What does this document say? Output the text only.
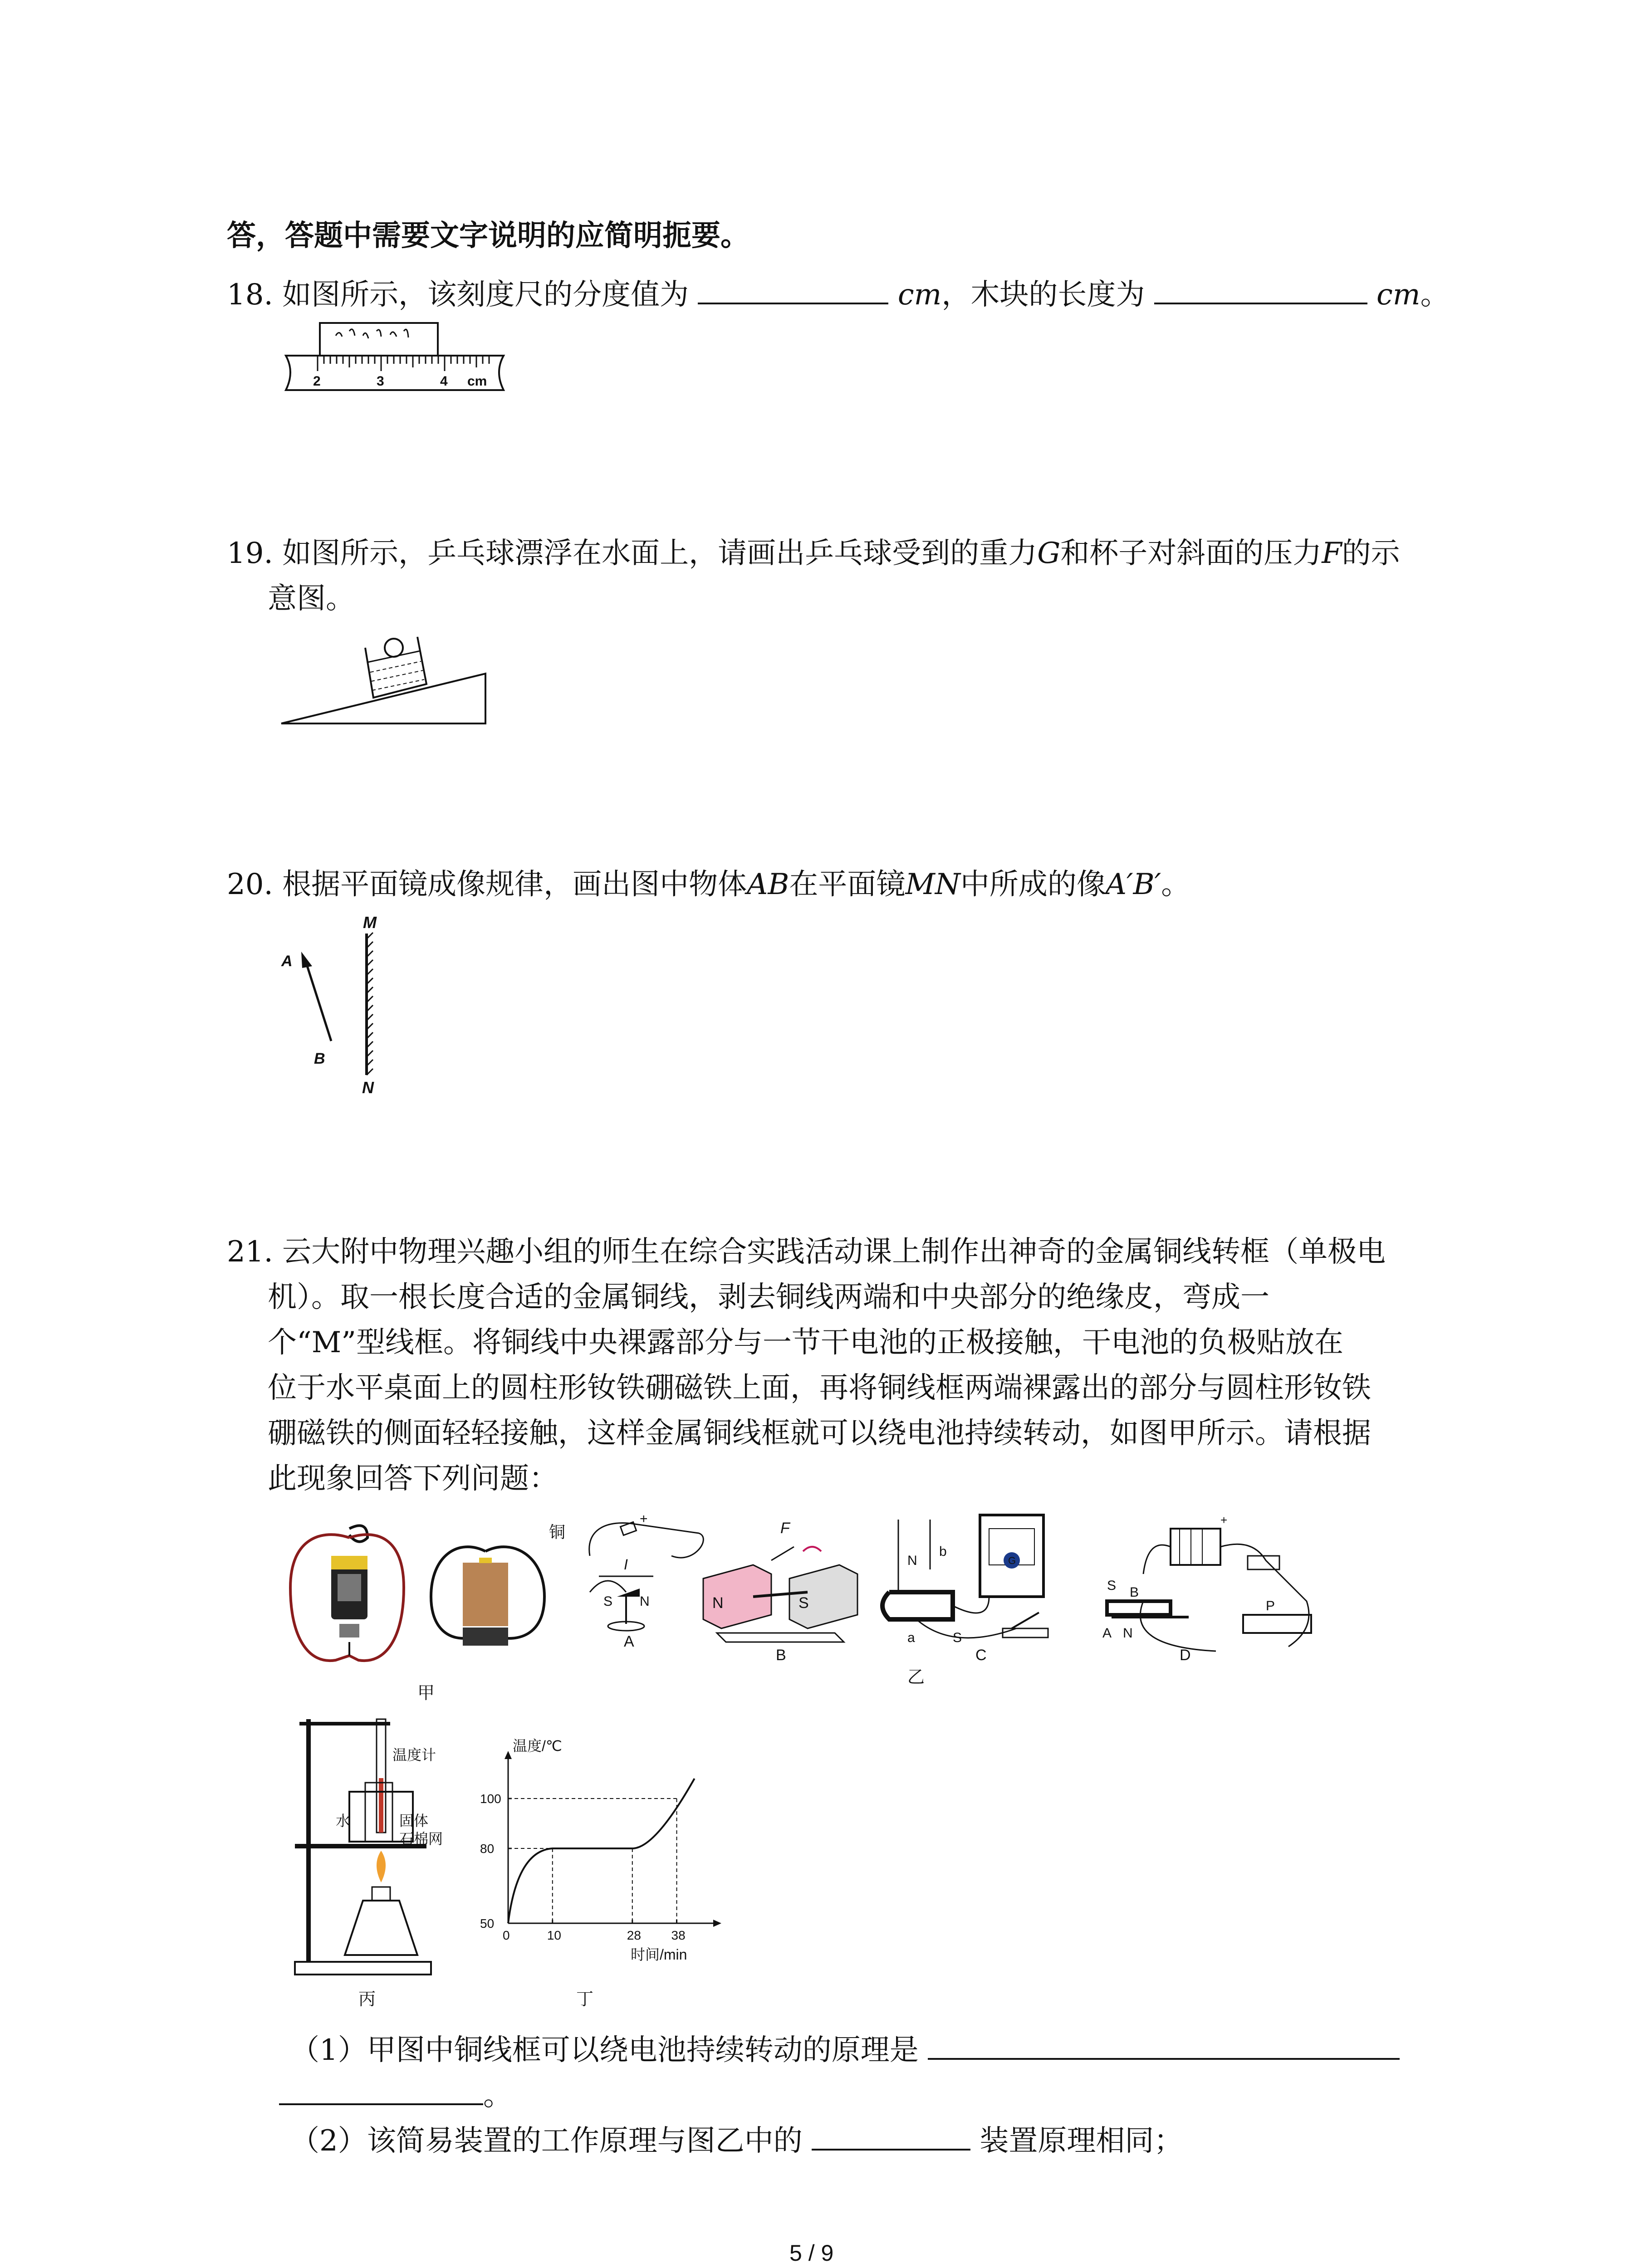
答，答题中需要文字说明的应简明扼要。
18. 如图所示，该刻度尺的分度值为	cm，木块的长度为	cm。
2	3	4 cm
19. 如图所示，乒乓球漂浮在水面上，请画出乒乓球受到的重力G和杯子对斜面的压力F的示
意图。
20. 根据平面镜成像规律，画出图中物体AB在平面镜MN中所成的像A′B′。
M
N
A
B
21. 云大附中物理兴趣小组的师生在综合实践活动课上制作出神奇的金属铜线转框（单极电
机）。取一根长度合适的金属铜线，剥去铜线两端和中央部分的绝缘皮，弯成一
个“M”型线框。将铜线中央裸露部分与一节干电池的正极接触，干电池的负极贴放在
位于水平桌面上的圆柱形钕铁硼磁铁上面，再将铜线框两端裸露出的部分与圆柱形钕铁
硼磁铁的侧面轻轻接触，这样金属铜线框就可以绕电池持续转动，如图甲所示。请根据
此现象回答下列问题：
铜
甲
+
I
S N
A
N	S
F
B
N
b
a	S
G
C
+
S B
A N
P
D
乙
温度计
水	固体
石棉网
丙
温度/℃
时间/min
丁
0	10	28 38
50
80
100
（1）甲图中铜线框可以绕电池持续转动的原理是
。
（2）该简易装置的工作原理与图乙中的	装置原理相同；
5 / 9
